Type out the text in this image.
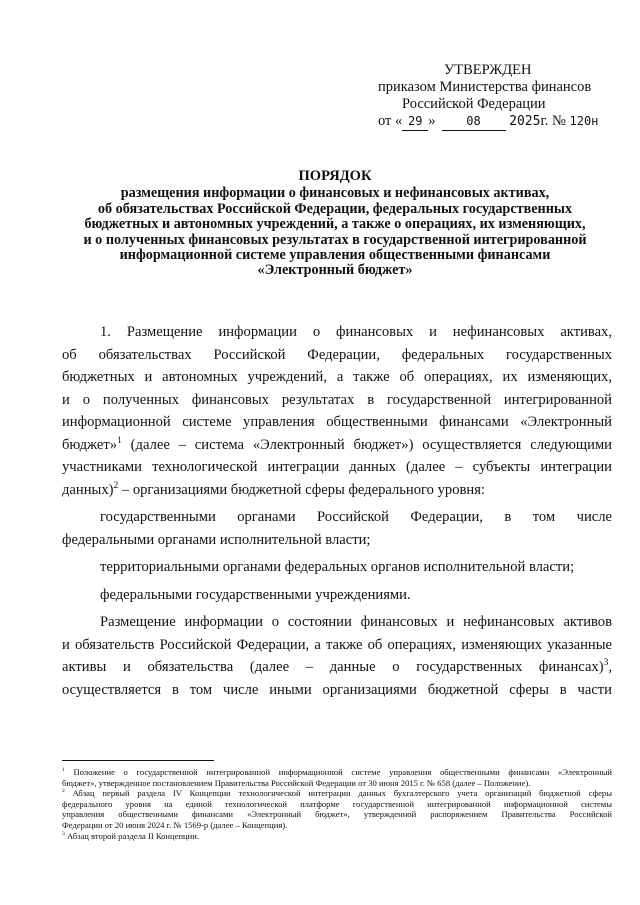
УТВЕРЖДЕН
приказом Министерства финансов
Российской Федерации
от « 29 »	08 2025г. № 120н
ПОРЯДОК
размещения информации о финансовых и нефинансовых активах,
об обязательствах Российской Федерации, федеральных государственных
бюджетных и автономных учреждений, а также о операциях, их изменяющих,
и о полученных финансовых результатах в государственной интегрированной
информационной системе управления общественными финансами
«Электронный бюджет»
1. Размещение информации о финансовых и нефинансовых активах,
об обязательствах Российской Федерации, федеральных государственных
бюджетных и автономных учреждений, а также об операциях, их изменяющих,
и о полученных финансовых результатах в государственной интегрированной
информационной системе управления общественными финансами «Электронный
бюджет»$^1$ (далее – система «Электронный бюджет») осуществляется следующими
участниками технологической интеграции данных (далее – субъекты интеграции
данных)$^2$ – организациями бюджетной сферы федерального уровня:
государственными органами Российской Федерации, в том числе
федеральными органами исполнительной власти;
территориальными органами федеральных органов исполнительной власти;
федеральными государственными учреждениями.
Размещение информации о состоянии финансовых и нефинансовых активов
и обязательств Российской Федерации, а также об операциях, изменяющих указанные
активы и обязательства (далее – данные о государственных финансах)$^3$,
осуществляется в том числе иными организациями бюджетной сферы в части
$^1$ Положение о государственной интегрированной информационной системе управления общественными финансами «Электронный
бюджет», утвержденное постановлением Правительства Российской Федерации от 30 июня 2015 г. № 658 (далее – Положение).
$^2$ Абзац первый раздела IV Концепции технологической интеграции данных бухгалтерского учета организаций бюджетной сферы
федерального уровня на единой технологической платформе государственной интегрированной информационной системы
управления общественными финансами «Электронный бюджет», утвержденной распоряжением Правительства Российской
Федерации от 20 июня 2024 г. № 1569-р (далее – Концепция).
$^3$ Абзац второй раздела II Концепции.
